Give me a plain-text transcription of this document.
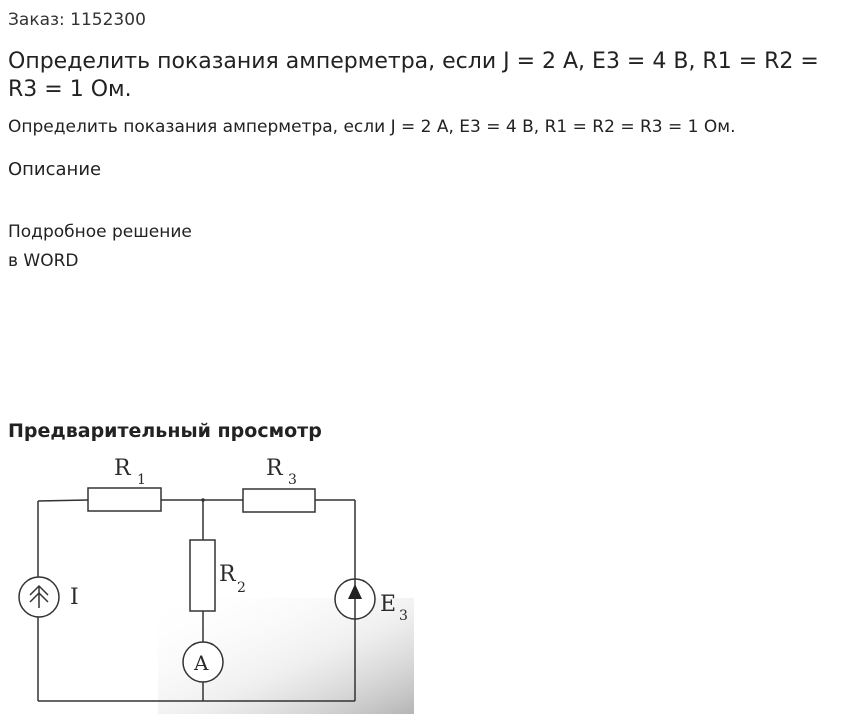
Заказ: 1152300
Определить показания амперметра, если J = 2 A, E3 = 4 В, R1 = R2 = R3 = 1 Ом.
Определить показания амперметра, если J = 2 A, E3 = 4 В, R1 = R2 = R3 = 1 Ом.
Описание
Подробное решение
в WORD
Предварительный просмотр
R 1	R 3
R
2
I	E 3
A
